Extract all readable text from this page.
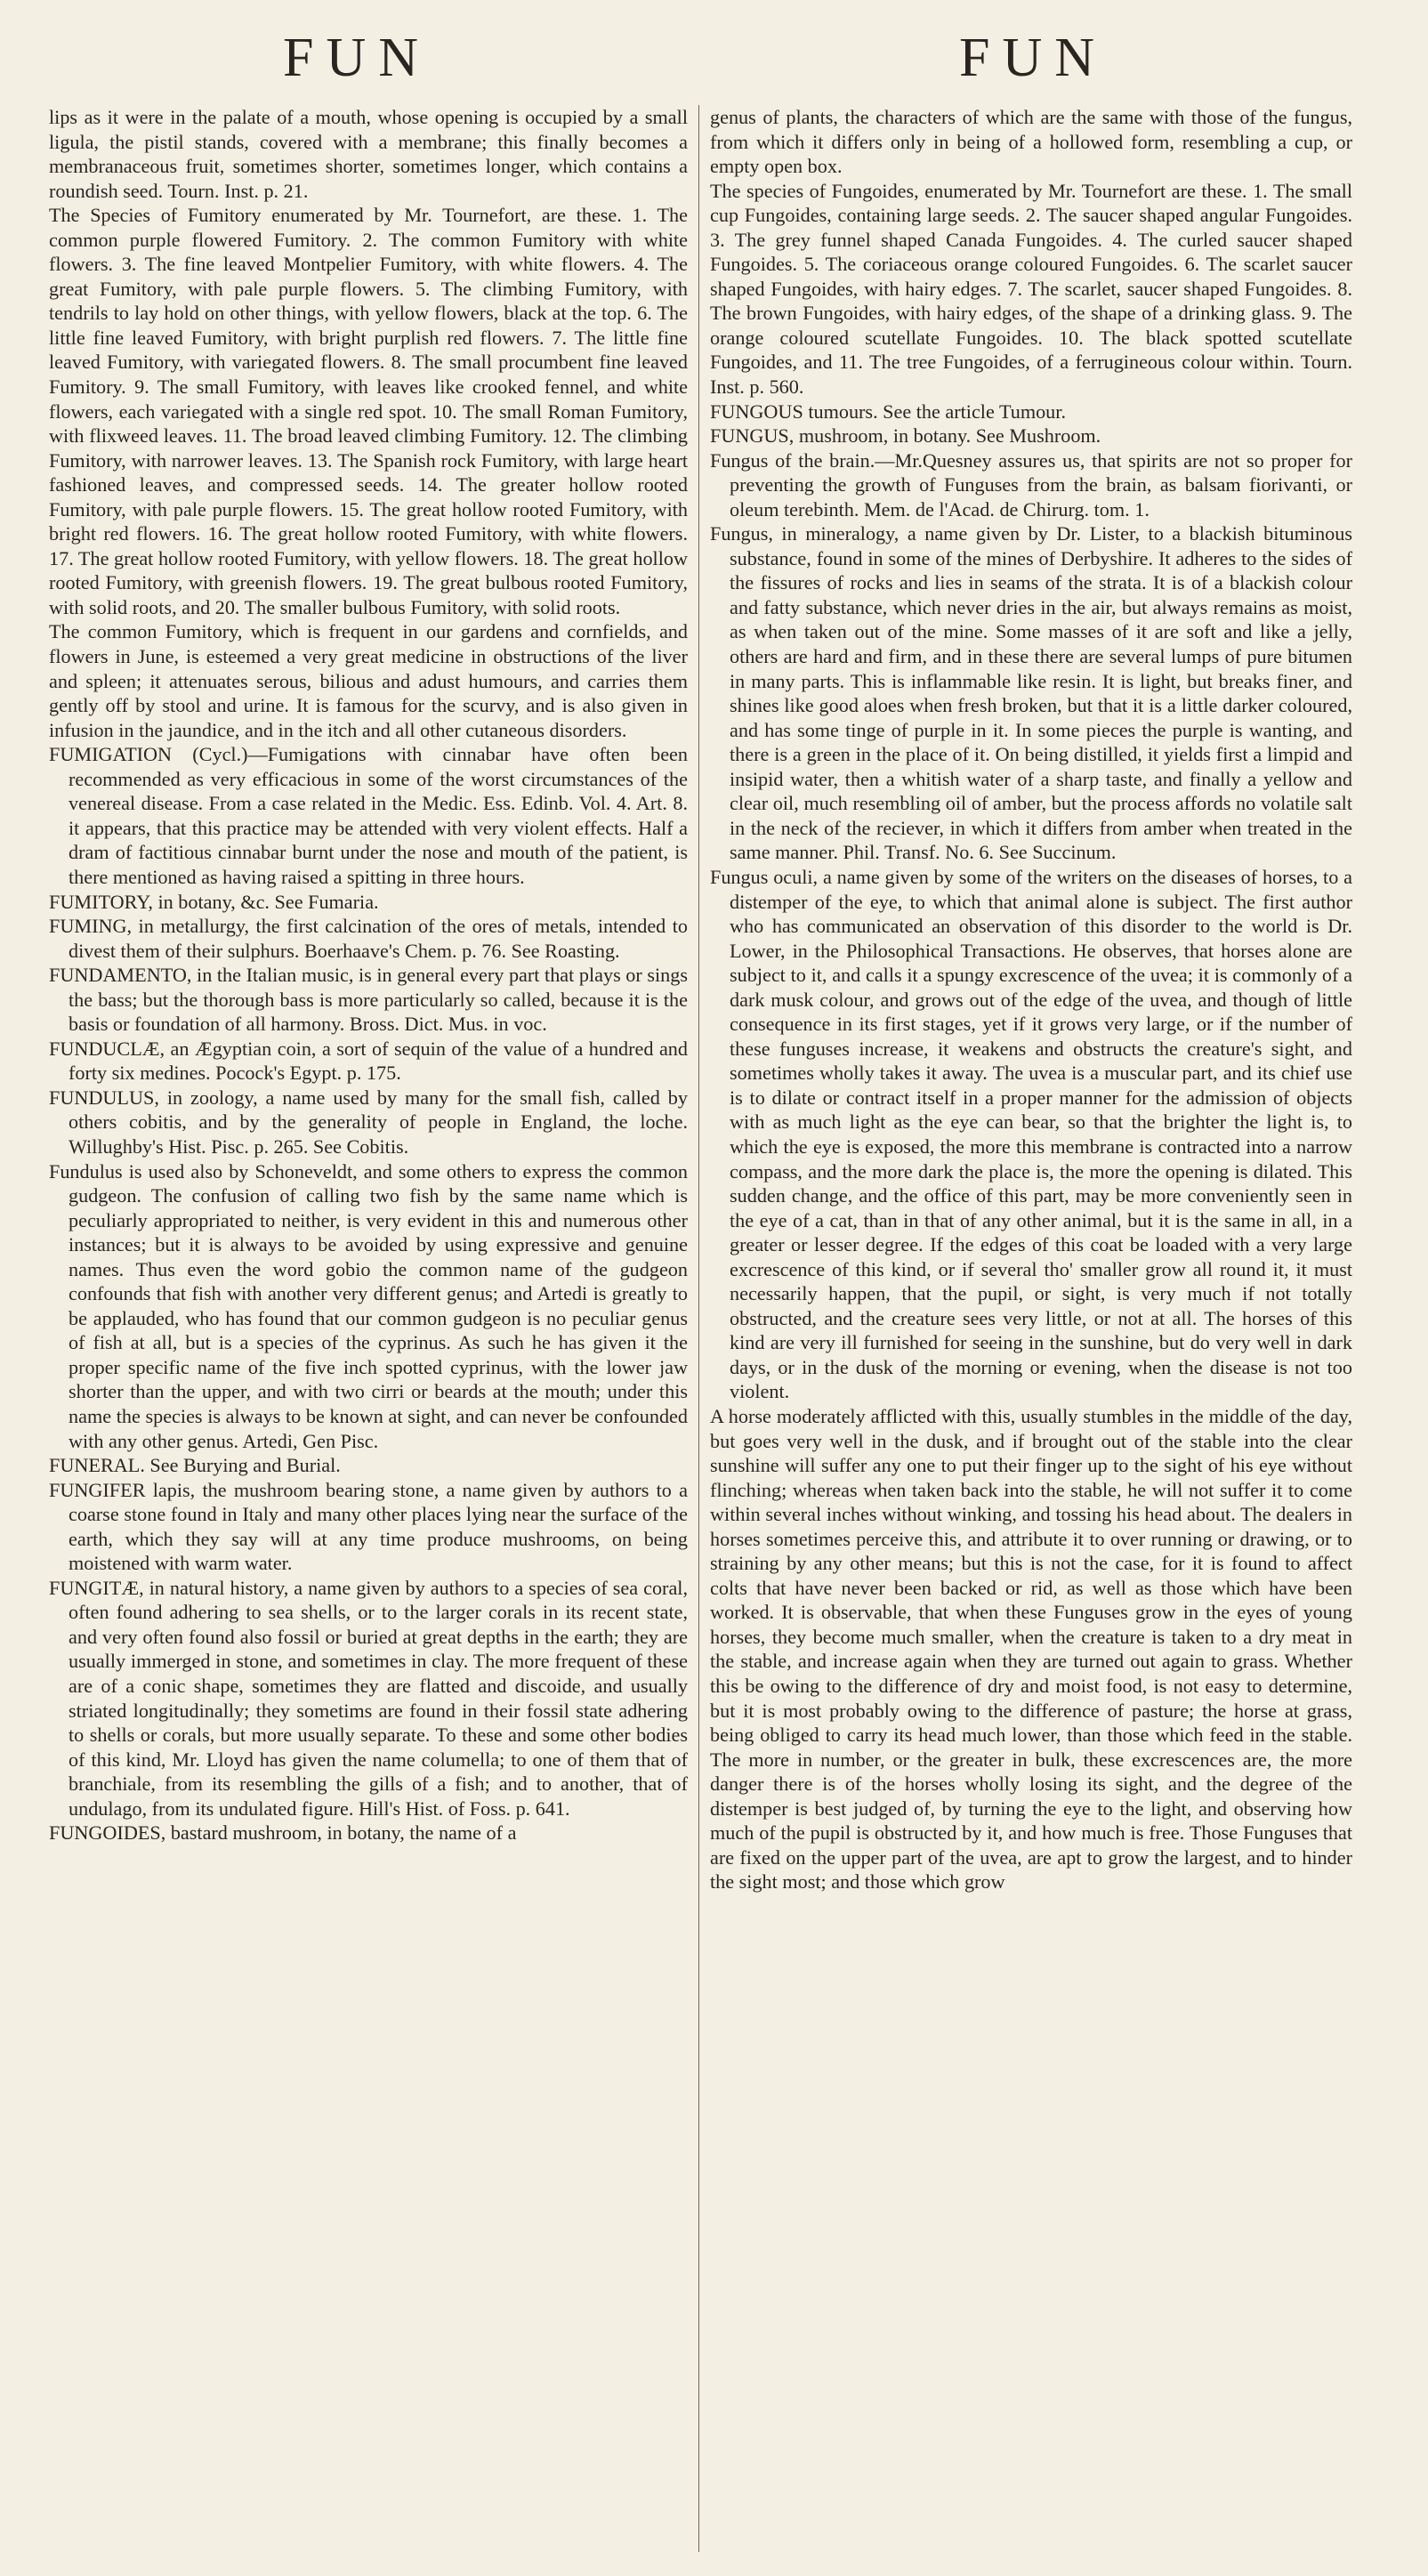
FUN	FUN

lips as it were in the palate of a mouth, whose opening is occupied by a small ligula, the pistil stands, covered with a membrane; this finally becomes a membranaceous fruit, sometimes shorter, sometimes longer, which contains a roundish seed. Tourn. Inst. p. 21.

The Species of Fumitory enumerated by Mr. Tournefort, are these. 1. The common purple flowered Fumitory. 2. The common Fumitory with white flowers. 3. The fine leaved Montpelier Fumitory, with white flowers. 4. The great Fumitory, with pale purple flowers. 5. The climbing Fumitory, with tendrils to lay hold on other things, with yellow flowers, black at the top. 6. The little fine leaved Fumitory, with bright purplish red flowers. 7. The little fine leaved Fumitory, with variegated flowers. 8. The small procumbent fine leaved Fumitory. 9. The small Fumitory, with leaves like crooked fennel, and white flowers, each variegated with a single red spot. 10. The small Roman Fumitory, with flixweed leaves. 11. The broad leaved climbing Fumitory. 12. The climbing Fumitory, with narrower leaves. 13. The Spanish rock Fumitory, with large heart fashioned leaves, and compressed seeds. 14. The greater hollow rooted Fumitory, with pale purple flowers. 15. The great hollow rooted Fumitory, with bright red flowers. 16. The great hollow rooted Fumitory, with white flowers. 17. The great hollow rooted Fumitory, with yellow flowers. 18. The great hollow rooted Fumitory, with greenish flowers. 19. The great bulbous rooted Fumitory, with solid roots, and 20. The smaller bulbous Fumitory, with solid roots.

The common Fumitory, which is frequent in our gardens and cornfields, and flowers in June, is esteemed a very great medicine in obstructions of the liver and spleen; it attenuates serous, bilious and adust humours, and carries them gently off by stool and urine. It is famous for the scurvy, and is also given in infusion in the jaundice, and in the itch and all other cutaneous disorders.

FUMIGATION (Cycl.)—Fumigations with cinnabar have often been recommended as very efficacious in some of the worst circumstances of the venereal disease. From a case related in the Medic. Ess. Edinb. Vol. 4. Art. 8. it appears, that this practice may be attended with very violent effects. Half a dram of factitious cinnabar burnt under the nose and mouth of the patient, is there mentioned as having raised a spitting in three hours.

FUMITORY, in botany, &c. See Fumaria.

FUMING, in metallurgy, the first calcination of the ores of metals, intended to divest them of their sulphurs. Boerhaave's Chem. p. 76. See Roasting.

FUNDAMENTO, in the Italian music, is in general every part that plays or sings the bass; but the thorough bass is more particularly so called, because it is the basis or foundation of all harmony. Bross. Dict. Mus. in voc.

FUNDUCLÆ, an Ægyptian coin, a sort of sequin of the value of a hundred and forty six medines. Pocock's Egypt. p. 175.

FUNDULUS, in zoology, a name used by many for the small fish, called by others cobitis, and by the generality of people in England, the loche. Willughby's Hist. Pisc. p. 265. See Cobitis.

Fundulus is used also by Schoneveldt, and some others to express the common gudgeon. The confusion of calling two fish by the same name which is peculiarly appropriated to neither, is very evident in this and numerous other instances; but it is always to be avoided by using expressive and genuine names. Thus even the word gobio the common name of the gudgeon confounds that fish with another very different genus; and Artedi is greatly to be applauded, who has found that our common gudgeon is no peculiar genus of fish at all, but is a species of the cyprinus. As such he has given it the proper specific name of the five inch spotted cyprinus, with the lower jaw shorter than the upper, and with two cirri or beards at the mouth; under this name the species is always to be known at sight, and can never be confounded with any other genus. Artedi, Gen Pisc.

FUNERAL. See Burying and Burial.

FUNGIFER lapis, the mushroom bearing stone, a name given by authors to a coarse stone found in Italy and many other places lying near the surface of the earth, which they say will at any time produce mushrooms, on being moistened with warm water.

FUNGITÆ, in natural history, a name given by authors to a species of sea coral, often found adhering to sea shells, or to the larger corals in its recent state, and very often found also fossil or buried at great depths in the earth; they are usually immerged in stone, and sometimes in clay. The more frequent of these are of a conic shape, sometimes they are flatted and discoide, and usually striated longitudinally; they sometims are found in their fossil state adhering to shells or corals, but more usually separate. To these and some other bodies of this kind, Mr. Lloyd has given the name columella; to one of them that of branchiale, from its resembling the gills of a fish; and to another, that of undulago, from its undulated figure. Hill's Hist. of Foss. p. 641.

FUNGOIDES, bastard mushroom, in botany, the name of a

genus of plants, the characters of which are the same with those of the fungus, from which it differs only in being of a hollowed form, resembling a cup, or empty open box.

The species of Fungoides, enumerated by Mr. Tournefort are these. 1. The small cup Fungoides, containing large seeds. 2. The saucer shaped angular Fungoides. 3. The grey funnel shaped Canada Fungoides. 4. The curled saucer shaped Fungoides. 5. The coriaceous orange coloured Fungoides. 6. The scarlet saucer shaped Fungoides, with hairy edges. 7. The scarlet, saucer shaped Fungoides. 8. The brown Fungoides, with hairy edges, of the shape of a drinking glass. 9. The orange coloured scutellate Fungoides. 10. The black spotted scutellate Fungoides, and 11. The tree Fungoides, of a ferrugineous colour within. Tourn. Inst. p. 560.

FUNGOUS tumours. See the article Tumour.

FUNGUS, mushroom, in botany. See Mushroom.

Fungus of the brain.—Mr.Quesney assures us, that spirits are not so proper for preventing the growth of Funguses from the brain, as balsam fiorivanti, or oleum terebinth. Mem. de l'Acad. de Chirurg. tom. 1.

Fungus, in mineralogy, a name given by Dr. Lister, to a blackish bituminous substance, found in some of the mines of Derbyshire. It adheres to the sides of the fissures of rocks and lies in seams of the strata. It is of a blackish colour and fatty substance, which never dries in the air, but always remains as moist, as when taken out of the mine. Some masses of it are soft and like a jelly, others are hard and firm, and in these there are several lumps of pure bitumen in many parts. This is inflammable like resin. It is light, but breaks finer, and shines like good aloes when fresh broken, but that it is a little darker coloured, and has some tinge of purple in it. In some pieces the purple is wanting, and there is a green in the place of it. On being distilled, it yields first a limpid and insipid water, then a whitish water of a sharp taste, and finally a yellow and clear oil, much resembling oil of amber, but the process affords no volatile salt in the neck of the reciever, in which it differs from amber when treated in the same manner. Phil. Transf. No. 6. See Succinum.

Fungus oculi, a name given by some of the writers on the diseases of horses, to a distemper of the eye, to which that animal alone is subject. The first author who has communicated an observation of this disorder to the world is Dr. Lower, in the Philosophical Transactions. He observes, that horses alone are subject to it, and calls it a spungy excrescence of the uvea; it is commonly of a dark musk colour, and grows out of the edge of the uvea, and though of little consequence in its first stages, yet if it grows very large, or if the number of these funguses increase, it weakens and obstructs the creature's sight, and sometimes wholly takes it away. The uvea is a muscular part, and its chief use is to dilate or contract itself in a proper manner for the admission of objects with as much light as the eye can bear, so that the brighter the light is, to which the eye is exposed, the more this membrane is contracted into a narrow compass, and the more dark the place is, the more the opening is dilated. This sudden change, and the office of this part, may be more conveniently seen in the eye of a cat, than in that of any other animal, but it is the same in all, in a greater or lesser degree. If the edges of this coat be loaded with a very large excrescence of this kind, or if several tho' smaller grow all round it, it must necessarily happen, that the pupil, or sight, is very much if not totally obstructed, and the creature sees very little, or not at all. The horses of this kind are very ill furnished for seeing in the sunshine, but do very well in dark days, or in the dusk of the morning or evening, when the disease is not too violent.

A horse moderately afflicted with this, usually stumbles in the middle of the day, but goes very well in the dusk, and if brought out of the stable into the clear sunshine will suffer any one to put their finger up to the sight of his eye without flinching; whereas when taken back into the stable, he will not suffer it to come within several inches without winking, and tossing his head about. The dealers in horses sometimes perceive this, and attribute it to over running or drawing, or to straining by any other means; but this is not the case, for it is found to affect colts that have never been backed or rid, as well as those which have been worked. It is observable, that when these Funguses grow in the eyes of young horses, they become much smaller, when the creature is taken to a dry meat in the stable, and increase again when they are turned out again to grass. Whether this be owing to the difference of dry and moist food, is not easy to determine, but it is most probably owing to the difference of pasture; the horse at grass, being obliged to carry its head much lower, than those which feed in the stable. The more in number, or the greater in bulk, these excrescences are, the more danger there is of the horses wholly losing its sight, and the degree of the distemper is best judged of, by turning the eye to the light, and observing how much of the pupil is obstructed by it, and how much is free. Those Funguses that are fixed on the upper part of the uvea, are apt to grow the largest, and to hinder the sight most; and those which grow
